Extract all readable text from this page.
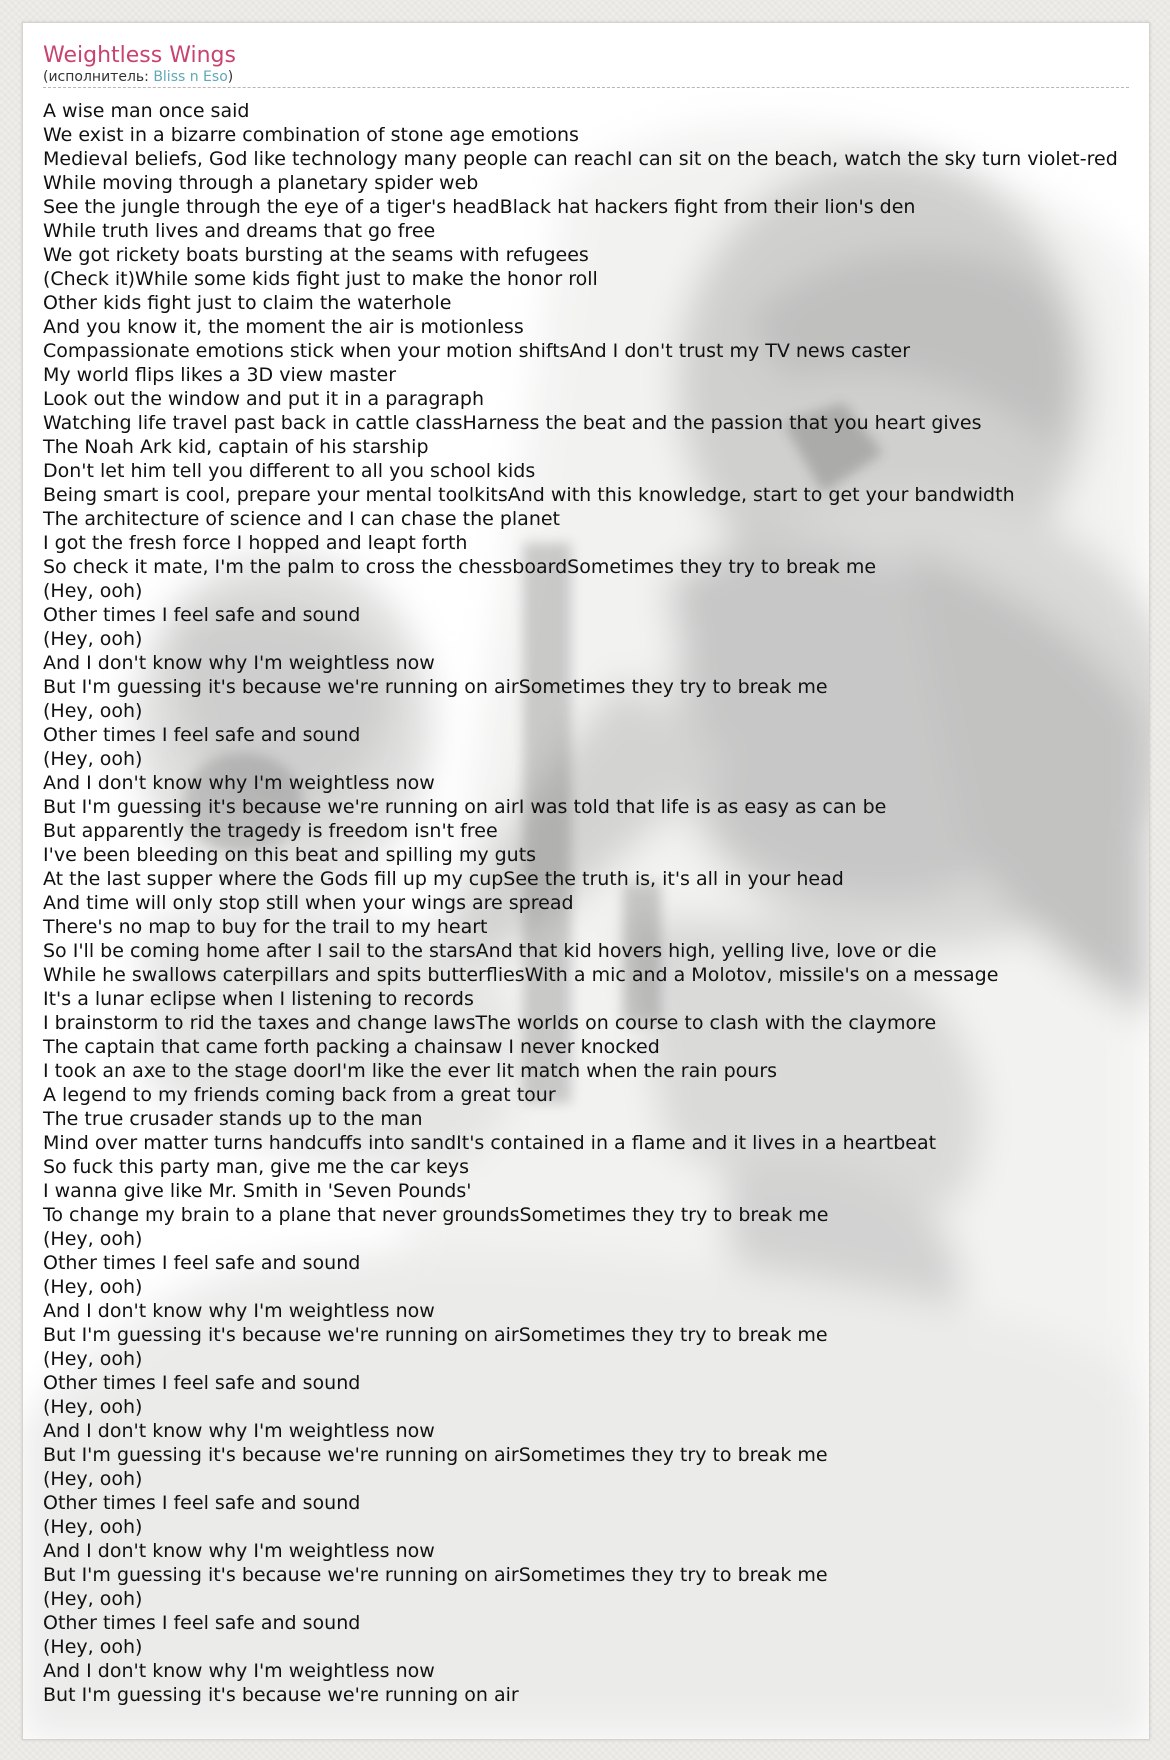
Weightless Wings
(исполнитель: Bliss n Eso)
A wise man once said
We exist in a bizarre combination of stone age emotions
Medieval beliefs, God like technology many people can reachI can sit on the beach, watch the sky turn violet-red
While moving through a planetary spider web
See the jungle through the eye of a tiger's headBlack hat hackers fight from their lion's den
While truth lives and dreams that go free
We got rickety boats bursting at the seams with refugees
(Check it)While some kids fight just to make the honor roll
Other kids fight just to claim the waterhole
And you know it, the moment the air is motionless
Compassionate emotions stick when your motion shiftsAnd I don't trust my TV news caster
My world flips likes a 3D view master
Look out the window and put it in a paragraph
Watching life travel past back in cattle classHarness the beat and the passion that you heart gives
The Noah Ark kid, captain of his starship
Don't let him tell you different to all you school kids
Being smart is cool, prepare your mental toolkitsAnd with this knowledge, start to get your bandwidth
The architecture of science and I can chase the planet
I got the fresh force I hopped and leapt forth
So check it mate, I'm the palm to cross the chessboardSometimes they try to break me
(Hey, ooh)
Other times I feel safe and sound
(Hey, ooh)
And I don't know why I'm weightless now
But I'm guessing it's because we're running on airSometimes they try to break me
(Hey, ooh)
Other times I feel safe and sound
(Hey, ooh)
And I don't know why I'm weightless now
But I'm guessing it's because we're running on airI was told that life is as easy as can be
But apparently the tragedy is freedom isn't free
I've been bleeding on this beat and spilling my guts
At the last supper where the Gods fill up my cupSee the truth is, it's all in your head
And time will only stop still when your wings are spread
There's no map to buy for the trail to my heart
So I'll be coming home after I sail to the starsAnd that kid hovers high, yelling live, love or die
While he swallows caterpillars and spits butterfliesWith a mic and a Molotov, missile's on a message
It's a lunar eclipse when I listening to records
I brainstorm to rid the taxes and change lawsThe worlds on course to clash with the claymore
The captain that came forth packing a chainsaw I never knocked
I took an axe to the stage doorI'm like the ever lit match when the rain pours
A legend to my friends coming back from a great tour
The true crusader stands up to the man
Mind over matter turns handcuffs into sandIt's contained in a flame and it lives in a heartbeat
So fuck this party man, give me the car keys
I wanna give like Mr. Smith in 'Seven Pounds'
To change my brain to a plane that never groundsSometimes they try to break me
(Hey, ooh)
Other times I feel safe and sound
(Hey, ooh)
And I don't know why I'm weightless now
But I'm guessing it's because we're running on airSometimes they try to break me
(Hey, ooh)
Other times I feel safe and sound
(Hey, ooh)
And I don't know why I'm weightless now
But I'm guessing it's because we're running on airSometimes they try to break me
(Hey, ooh)
Other times I feel safe and sound
(Hey, ooh)
And I don't know why I'm weightless now
But I'm guessing it's because we're running on airSometimes they try to break me
(Hey, ooh)
Other times I feel safe and sound
(Hey, ooh)
And I don't know why I'm weightless now
But I'm guessing it's because we're running on air
